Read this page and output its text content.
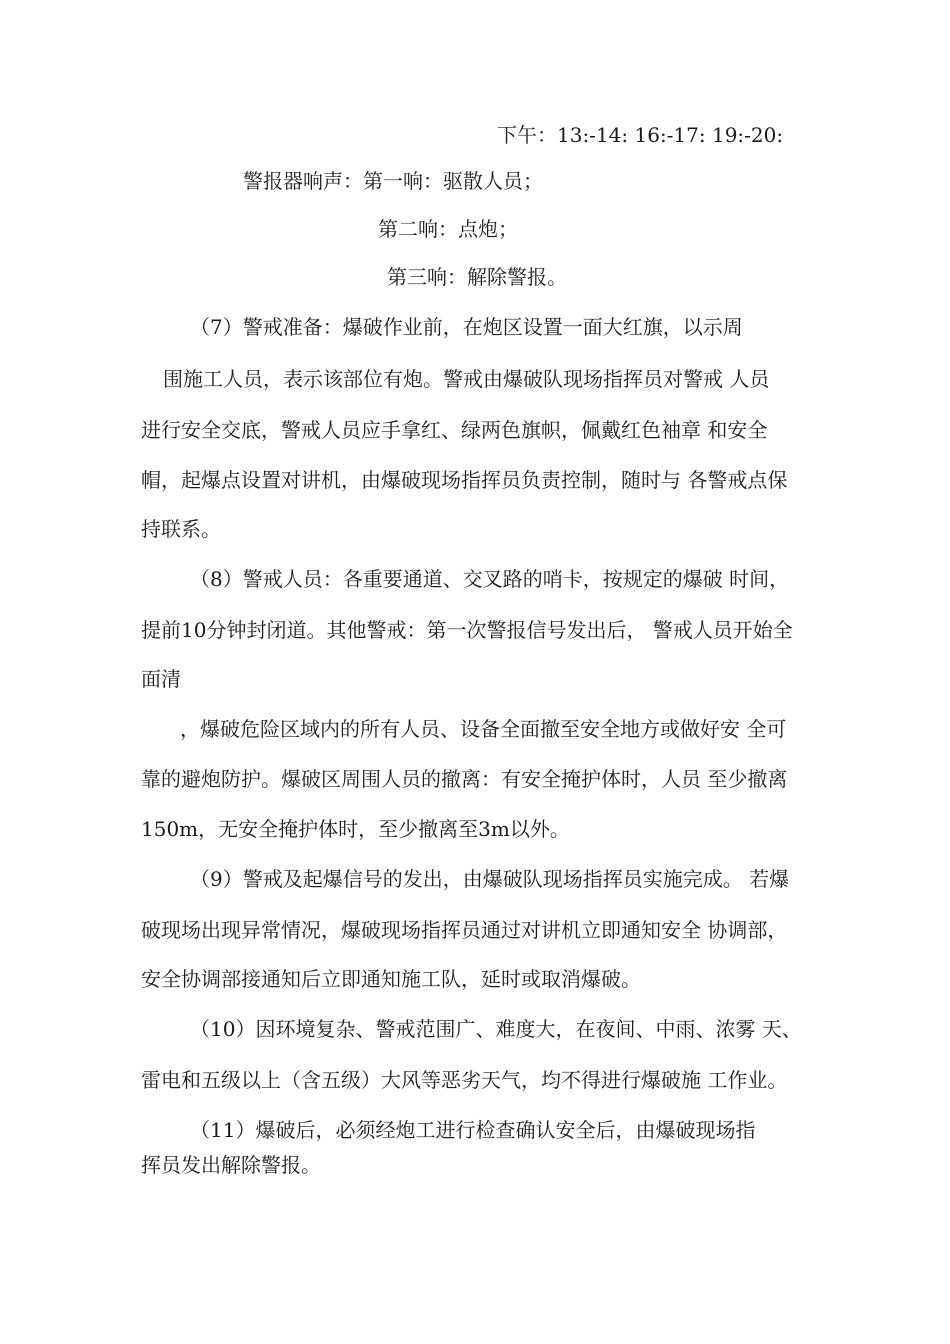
下午：13:-14: 16:-17: 19:-20:
警报器响声：第一响：驱散人员；
第二响：点炮；
第三响：解除警报。
（7）警戒准备：爆破作业前，在炮区设置一面大红旗，以示周
围施工人员，表示该部位有炮。警戒由爆破队现场指挥员对警戒 人员
进行安全交底，警戒人员应手拿红、绿两色旗帜，佩戴红色袖章 和安全
帽，起爆点设置对讲机，由爆破现场指挥员负责控制，随时与 各警戒点保
持联系。
（8）警戒人员：各重要通道、交叉路的哨卡，按规定的爆破 时间，
提前10分钟封闭道。其他警戒：第一次警报信号发出后， 警戒人员开始全
面清
，爆破危险区域内的所有人员、设备全面撤至安全地方或做好安 全可
靠的避炮防护。爆破区周围人员的撤离：有安全掩护体时，人员 至少撤离
150m，无安全掩护体时，至少撤离至3m以外。
（9）警戒及起爆信号的发出，由爆破队现场指挥员实施完成。 若爆
破现场出现异常情况，爆破现场指挥员通过对讲机立即通知安全 协调部，
安全协调部接通知后立即通知施工队，延时或取消爆破。
（10）因环境复杂、警戒范围广、难度大，在夜间、中雨、浓雾 天、
雷电和五级以上（含五级）大风等恶劣天气，均不得进行爆破施 工作业。
（11）爆破后，必须经炮工进行检查确认安全后，由爆破现场指
挥员发出解除警报。
